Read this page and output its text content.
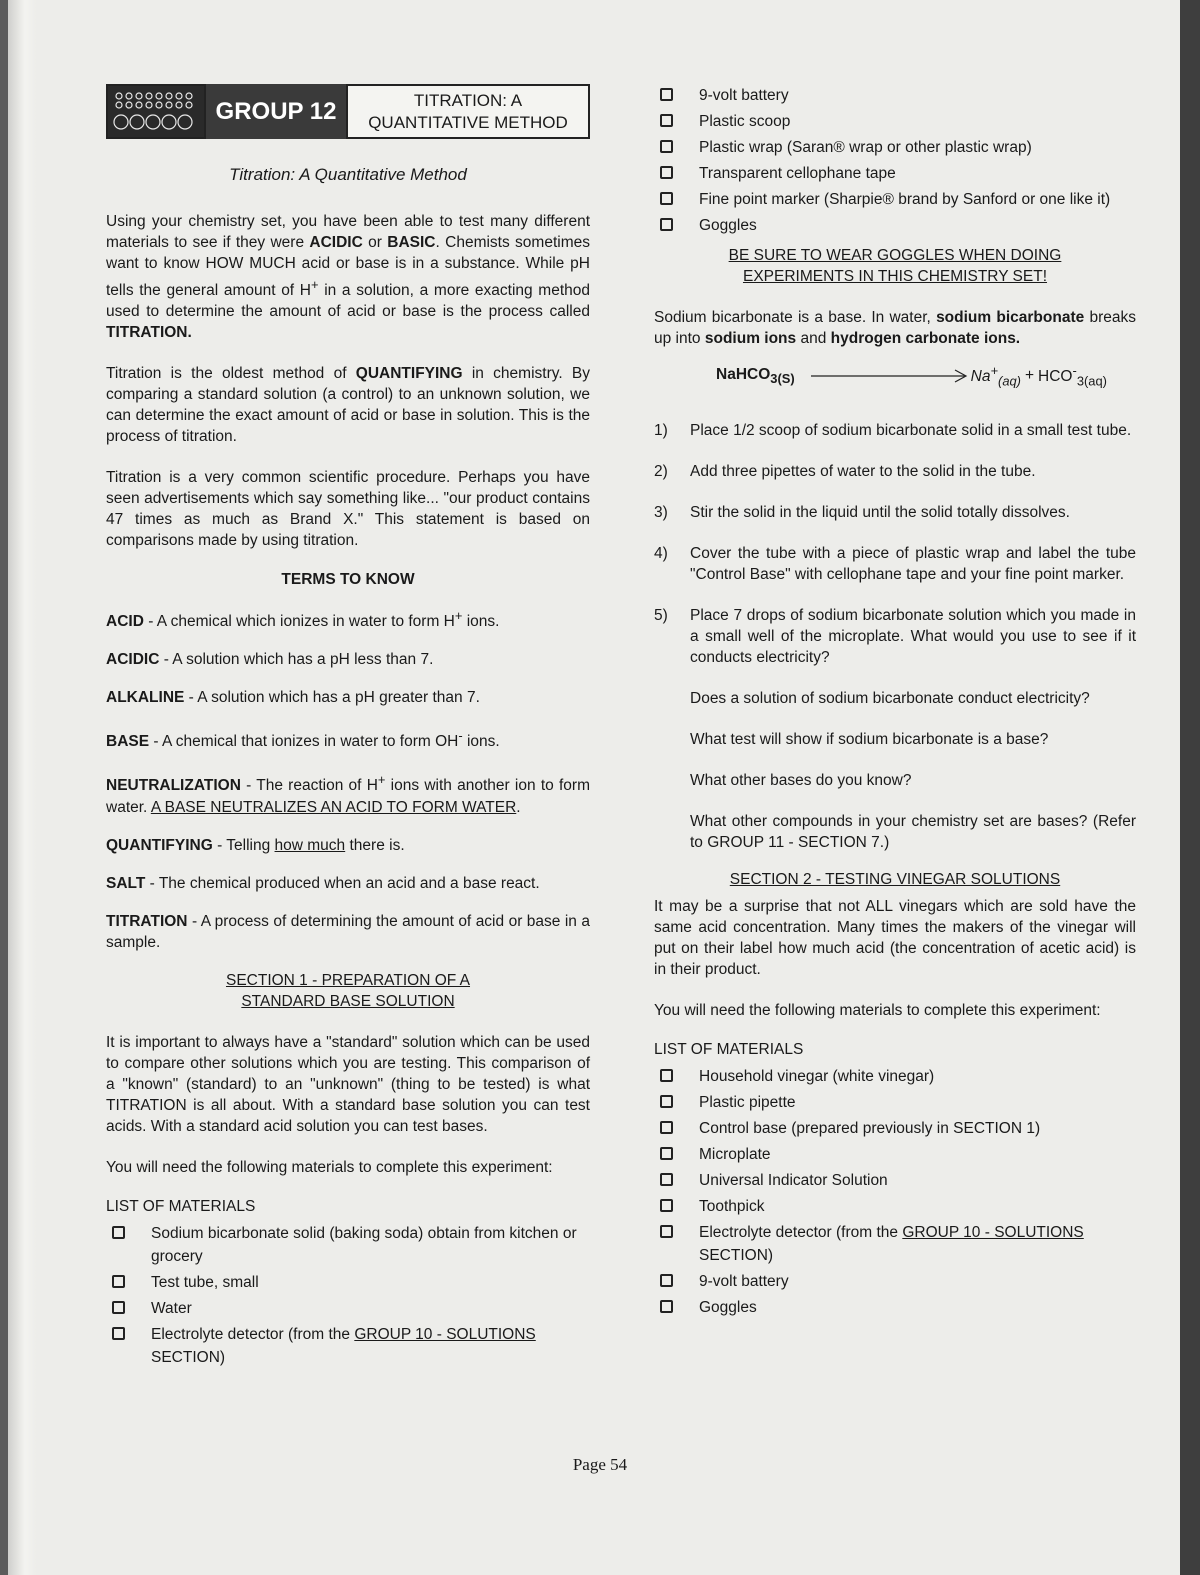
GROUP 12	TITRATION: A
QUANTITATIVE METHOD
Titration: A Quantitative Method

Using your chemistry set, you have been able to test many different materials to see if they were ACIDIC or BASIC. Chemists sometimes want to know HOW MUCH acid or base is in a substance. While pH tells the general amount of H+ in a solution, a more exacting method used to determine the amount of acid or base is the process called TITRATION.

Titration is the oldest method of QUANTIFYING in chemistry. By comparing a standard solution (a control) to an unknown solution, we can determine the exact amount of acid or base in solution. This is the process of titration.

Titration is a very common scientific procedure. Perhaps you have seen advertisements which say something like... "our product contains 47 times as much as Brand X." This statement is based on comparisons made by using titration.

TERMS TO KNOW

ACID - A chemical which ionizes in water to form H+ ions.

ACIDIC - A solution which has a pH less than 7.

ALKALINE - A solution which has a pH greater than 7.

BASE - A chemical that ionizes in water to form OH- ions.

NEUTRALIZATION - The reaction of H+ ions with another ion to form water. A BASE NEUTRALIZES AN ACID TO FORM WATER.

QUANTIFYING - Telling how much there is.

SALT - The chemical produced when an acid and a base react.

TITRATION - A process of determining the amount of acid or base in a sample.

SECTION 1 - PREPARATION OF A
STANDARD BASE SOLUTION

It is important to always have a "standard" solution which can be used to compare other solutions which you are testing. This comparison of a "known" (standard) to an "unknown" (thing to be tested) is what TITRATION is all about. With a standard base solution you can test acids. With a standard acid solution you can test bases.

You will need the following materials to complete this experiment:

LIST OF MATERIALS
Sodium bicarbonate solid (baking soda) obtain from kitchen or grocery
Test tube, small
Water
Electrolyte detector (from the GROUP 10 - SOLUTIONS SECTION)
9-volt battery
Plastic scoop
Plastic wrap (Saran® wrap or other plastic wrap)
Transparent cellophane tape
Fine point marker (Sharpie® brand by Sanford or one like it)
Goggles
BE SURE TO WEAR GOGGLES WHEN DOING
EXPERIMENTS IN THIS CHEMISTRY SET!

Sodium bicarbonate is a base. In water, sodium bicarbonate breaks up into sodium ions and hydrogen carbonate ions.

NaHCO$_{3(S)}$	$Na^+_{(aq)} + HCO^-_{3(aq)}$
1)	Place 1/2 scoop of sodium bicarbonate solid in a small test tube.
2)	Add three pipettes of water to the solid in the tube.
3)	Stir the solid in the liquid until the solid totally dissolves.
4)	Cover the tube with a piece of plastic wrap and label the tube "Control Base" with cellophane tape and your fine point marker.
5)	Place 7 drops of sodium bicarbonate solution which you made in a small well of the microplate. What would you use to see if it conducts electricity?

Does a solution of sodium bicarbonate conduct electricity?

What test will show if sodium bicarbonate is a base?

What other bases do you know?

What other compounds in your chemistry set are bases? (Refer to GROUP 11 - SECTION 7.)

SECTION 2 - TESTING VINEGAR SOLUTIONS

It may be a surprise that not ALL vinegars which are sold have the same acid concentration. Many times the makers of the vinegar will put on their label how much acid (the concentration of acetic acid) is in their product.

You will need the following materials to complete this experiment:

LIST OF MATERIALS
Household vinegar (white vinegar)
Plastic pipette
Control base (prepared previously in SECTION 1)
Microplate
Universal Indicator Solution
Toothpick
Electrolyte detector (from the GROUP 10 - SOLUTIONS SECTION)
9-volt battery
Goggles
Page 54
